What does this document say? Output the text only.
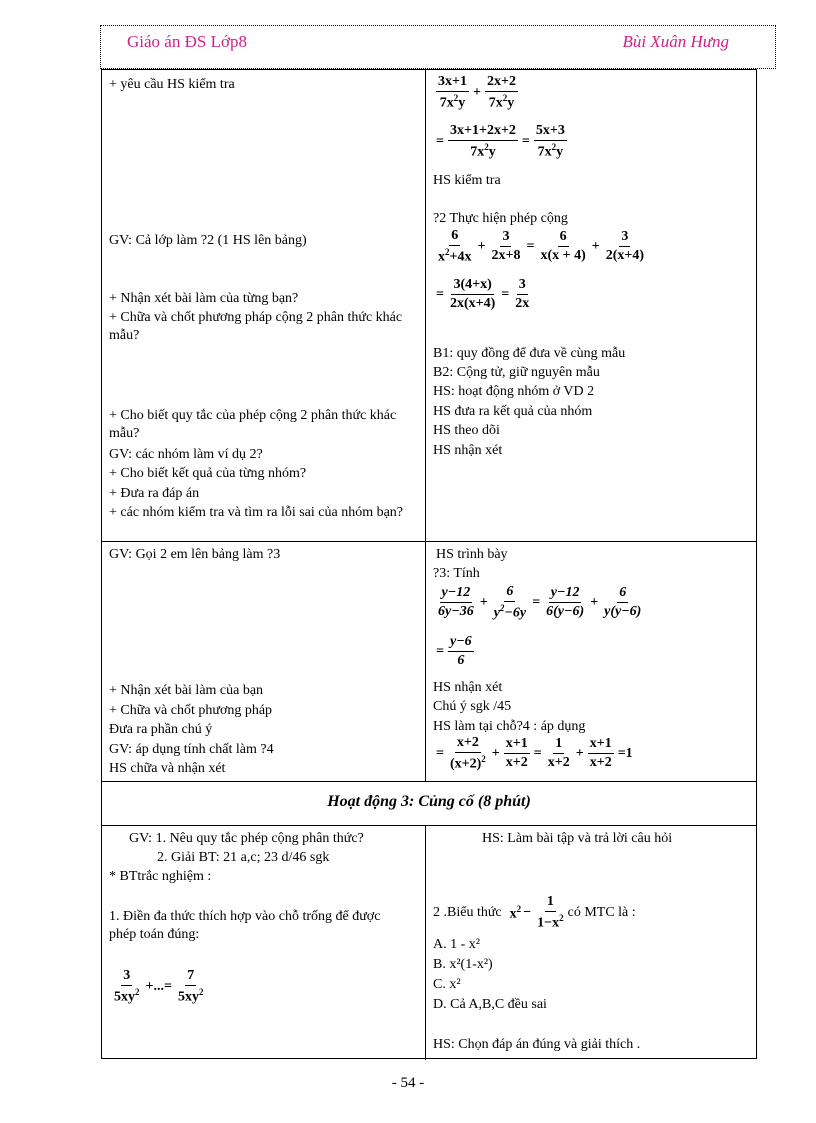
Giáo án ĐS Lớp8	Bùi Xuân Hưng
+ yêu cầu HS kiểm tra
GV: Cả lớp làm ?2 (1 HS lên bảng)
+ Nhận xét bài làm của từng bạn?
+ Chữa và chốt phương pháp cộng 2 phân thức khác mẫu?
+ Cho biết quy tắc của phép cộng 2 phân thức khác mẫu?
GV: các nhóm làm ví dụ 2?
+ Cho biết kết quả của từng nhóm?
+ Đưa ra đáp án
+ các nhóm kiểm tra và tìm ra lỗi sai của nhóm bạn?
3x+1
$7x^2y$
+ $\frac{2x+2}{7x^2y}$
= $\frac{3x+1+2x+2}{7x^2y} = \frac{5x+3}{7x^2y}$
HS kiểm tra
?2 Thực hiện phép cộng
6
$x^2+4x$
+ $\frac{3}{2x+8} = \frac{6}{x(x + 4)} + \frac{3}{2(x+4)}$
= $\frac{3(4+x)}{2x(x+4)} = \frac{3}{2x}$
B1: quy đồng để đưa về cùng mẫu
B2: Cộng tử, giữ nguyên mẫu
HS: hoạt động nhóm ở VD 2
HS đưa ra kết quả của nhóm
HS theo dõi
HS nhận xét
GV: Gọi 2 em lên bảng làm ?3
+ Nhận xét bài làm của bạn
+ Chữa và chốt phương pháp
Đưa ra phần chú ý
GV: áp dụng tính chất làm ?4
HS chữa và nhận xét
HS trình bày
?3: Tính
y−12
6y−36
+ $\frac{6}{y^2-6y} = \frac{y-12}{6(y-6)} + \frac{6}{y(y-6)}$
= $\frac{y-6}{6}$
HS nhận xét
Chú ý sgk /45
HS làm tại chỗ?4 : áp dụng
= $\frac{x+2}{(x+2)^2} + \frac{x+1}{x+2} = \frac{1}{x+2} + \frac{x+1}{x+2} =1$
Hoạt động 3: Củng cố (8 phút)
GV: 1. Nêu quy tắc phép cộng phân thức?
2. Giải BT: 21 a,c; 23 d/46 sgk
* BTtrắc nghiệm :
1. Điền đa thức thích hợp vào chỗ trống để được phép toán đúng:
3
$5xy^2$ +...= $\frac{7}{5xy^2}$
HS: Làm bài tập và trả lời câu hỏi
2 .Biểu thức $x^2 - \frac{1}{1-x^2}$ có MTC là :
A. 1 - x²
B. x²(1-x²)
C. x²
D. Cả A,B,C đều sai
HS: Chọn đáp án đúng và giải thích .
- 54 -
